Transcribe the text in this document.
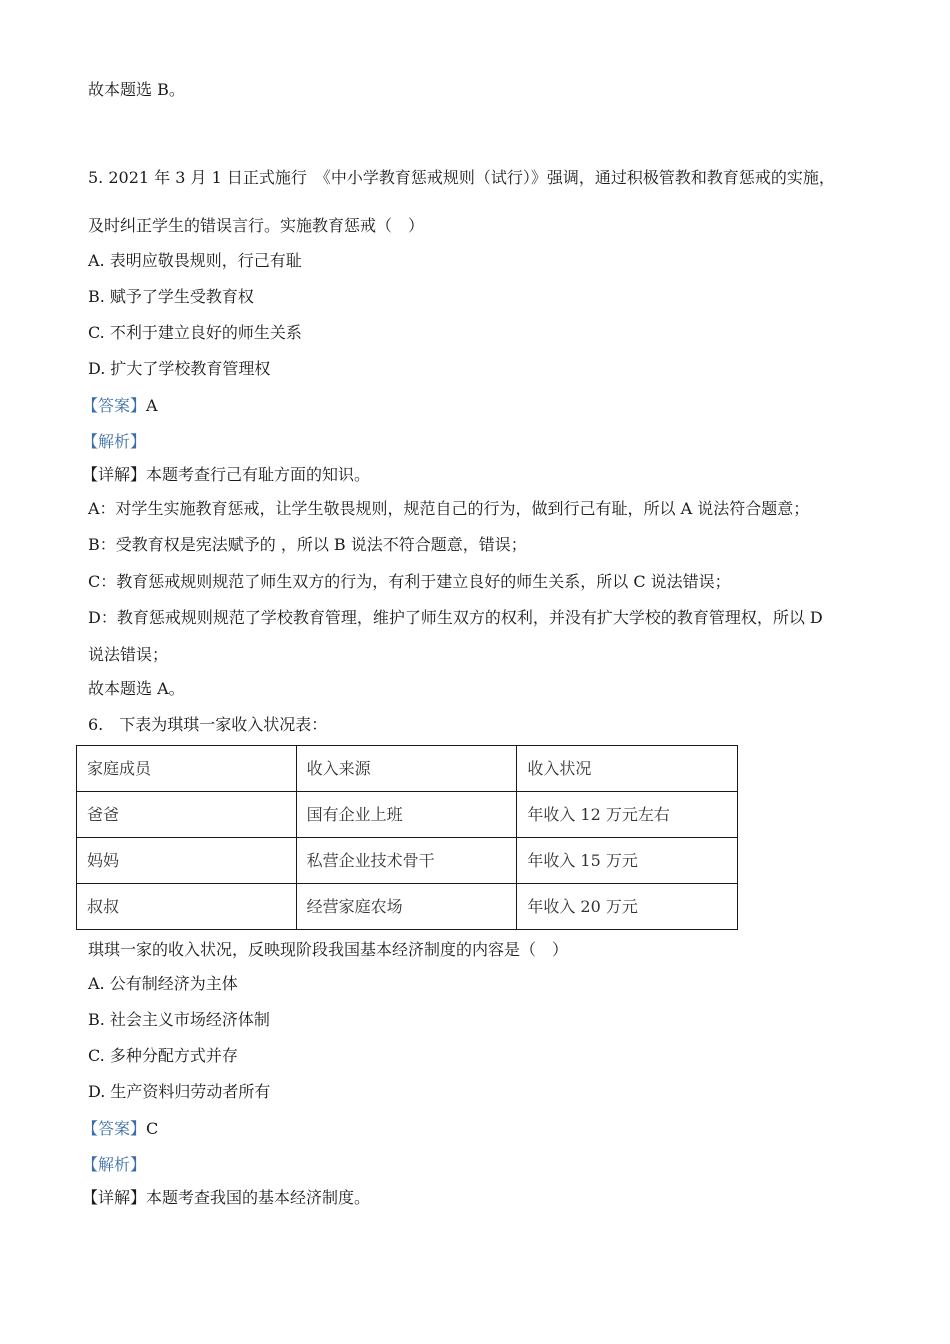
故本题选 B。
5. 2021 年 3 月 1 日正式施行　《中小学教育惩戒规则（试行）》强调，通过积极管教和教育惩戒的实施，
及时纠正学生的错误言行。实施教育惩戒（　）
A. 表明应敬畏规则，行己有耻
B. 赋予了学生受教育权
C. 不利于建立良好的师生关系
D. 扩大了学校教育管理权
【答案】A
【解析】
【详解】本题考查行己有耻方面的知识。
A：对学生实施教育惩戒，让学生敬畏规则，规范自己的行为，做到行己有耻，所以 A 说法符合题意；
B：受教育权是宪法赋予的 ，所以 B 说法不符合题意，错误；
C：教育惩戒规则规范了师生双方的行为，有利于建立良好的师生关系，所以 C 说法错误；
D：教育惩戒规则规范了学校教育管理，维护了师生双方的权利，并没有扩大学校的教育管理权，所以 D
说法错误；
故本题选 A。
6.　下表为琪琪一家收入状况表：
家庭成员	收入来源	收入状况
爸爸	国有企业上班	年收入 12 万元左右
妈妈	私营企业技术骨干	年收入 15 万元
叔叔	经营家庭农场	年收入 20 万元
琪琪一家的收入状况，反映现阶段我国基本经济制度的内容是（　）
A. 公有制经济为主体
B. 社会主义市场经济体制
C. 多种分配方式并存
D. 生产资料归劳动者所有
【答案】C
【解析】
【详解】本题考查我国的基本经济制度。
